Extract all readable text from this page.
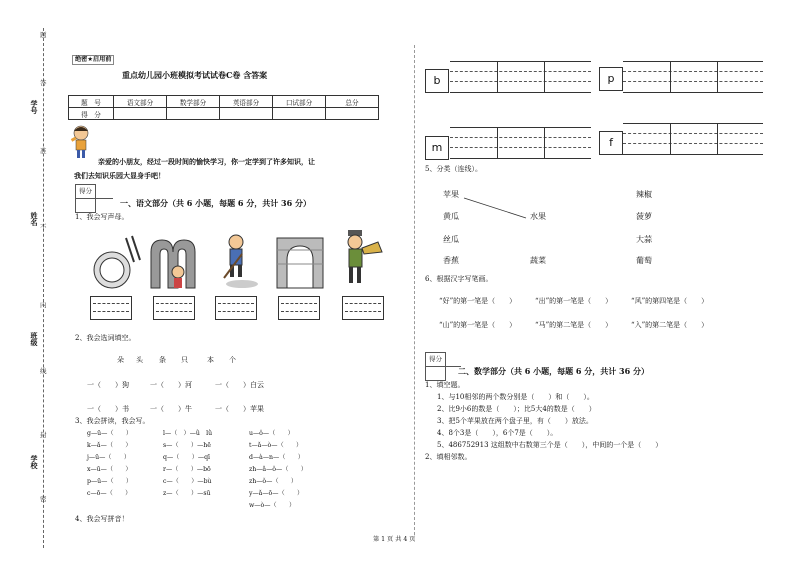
学号
姓名
班级
学校
题
答
准
不
内
线
封
密
绝密★启用前
重点幼儿园小班模拟考试试卷C卷 含答案
题　号	语文部分	数学部分	英语部分	口试部分	总分
得　分					
亲爱的小朋友，经过一段时间的愉快学习，你一定学到了许多知识，让
我们去知识乐园大显身手吧！
得分
一、语文部分（共 6 小题，每题 6 分，共计 36 分）
1、我会写声母。
2、我会选词填空。
朵 头 条 只	本 个
一（　　）狗	一（　　）河	一（　　）白云
一（　　）书	一（　　）牛	一（　　）苹果
3、我会拼读，我会写。
g—ū—（　　）	l—（　）—ǜ　lǜ	u—ǒ—（　　）
k—ǎ—（　　）	s—（　　）—hē	t—ǎ—ò—（　　）
j—ū—（　　）	q—（　　）—qī	d—à—n—（　　）
x—ū—（　　）	r—（　　）—bō	zh—ǎ—ǒ—（　　）
p—ū—（　　）	c—（　　）—bù	zh—ǒ—（　　）
c—ō—（　　）	z—（　　）—sū	y—ǎ—ō—（　　）
w—ò—（　　）
4、我会写拼音！
b	p
m	f
5、分类（连线）。
苹果
黄瓜
丝瓜
香蕉
水果
蔬菜
辣椒
菠萝
大蒜
葡萄
6、根据汉字写笔画。
“好”的第一笔是（　　）	“出”的第一笔是（　　）	“风”的第四笔是（　　）
“山”的第一笔是（　　）	“马”的第二笔是（　　）	“入”的第二笔是（　　）
得分
二、数学部分（共 6 小题，每题 6 分，共计 36 分）
1、填空题。
1、与10相邻的两个数分别是（　　）和（　　）。
2、比9小6的数是（　　）；比5大4的数是（　　）
3、把5个苹果放在两个盘子里，有（　　）放法。
4、8个3是（　　），6个7是（　　）。
5、486752913 这组数中右数第三个是（　　），中间的一个是（　　）
2、填相邻数。
第 1 页 共 4 页
